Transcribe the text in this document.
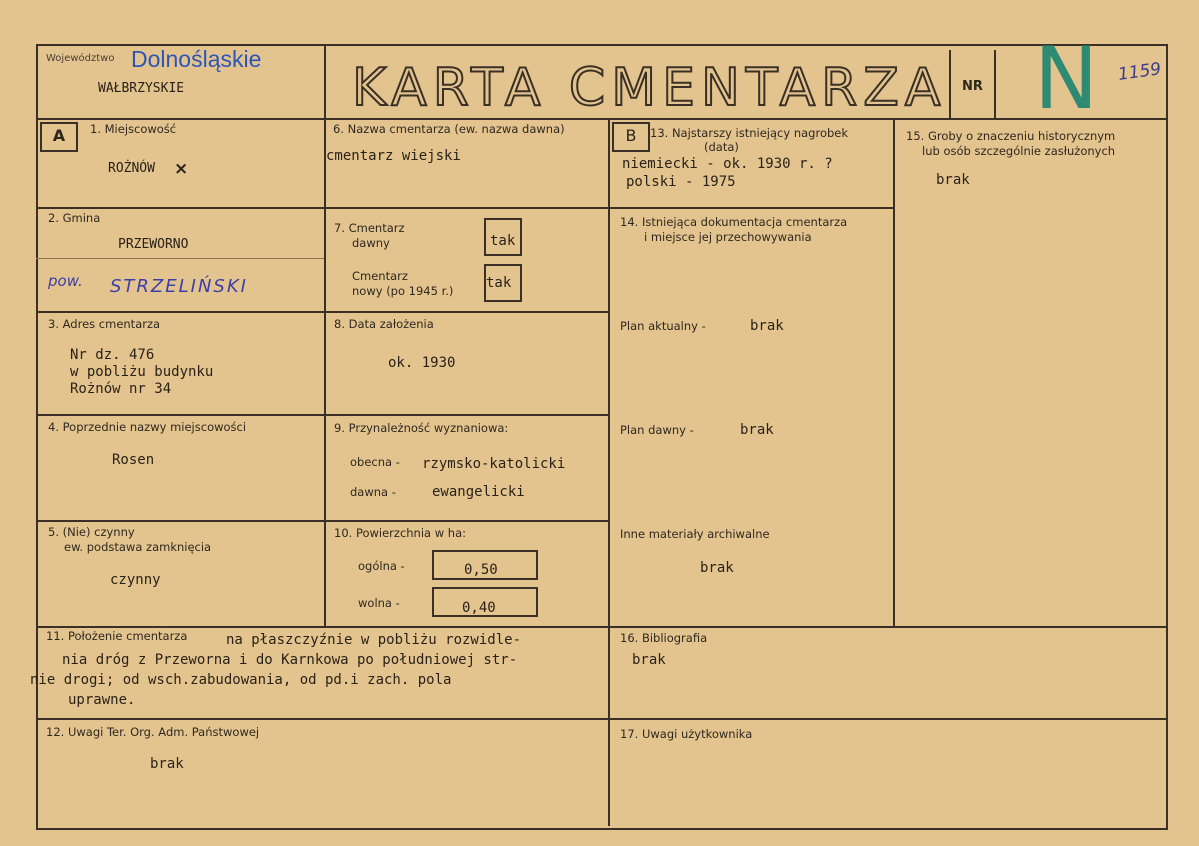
Województwo Dolnośląskie
WAŁBRZYSKIE	KARTA CMENTARZA NR N 1159
A	B
1. Miejscowość
ROŻNÓW ×
2. Gmina
PRZEWORNO
pow. STRZELIŃSKI
3. Adres cmentarza
Nr dz. 476
w pobliżu budynku
Rożnów nr 34
4. Poprzednie nazwy miejscowości
Rosen
5. (Nie) czynny
ew. podstawa zamknięcia
czynny
6. Nazwa cmentarza (ew. nazwa dawna)
cmentarz wiejski
7. Cmentarz
dawny	tak
Cmentarz
nowy (po 1945 r.) tak
8. Data założenia
ok. 1930
9. Przynależność wyznaniowa:
obecna - rzymsko-katolicki
dawna -	ewangelicki
10. Powierzchnia w ha:
ogólna -	0,50
wolna -	0,40
11. Położenie cmentarza	na płaszczyźnie w pobliżu rozwidle-
nia dróg z Przeworna i do Karnkowa po południowej str-
nie drogi; od wsch.zabudowania, od pd.i zach. pola
uprawne.
12. Uwagi Ter. Org. Adm. Państwowej
brak
13. Najstarszy istniejący nagrobek
(data)
niemiecki - ok. 1930 r. ?
polski - 1975
14. Istniejąca dokumentacja cmentarza
i miejsce jej przechowywania
Plan aktualny -	brak
Plan dawny -	brak
Inne materiały archiwalne
brak
15. Groby o znaczeniu historycznym
lub osób szczególnie zasłużonych
brak
16. Bibliografia
brak
17. Uwagi użytkownika
